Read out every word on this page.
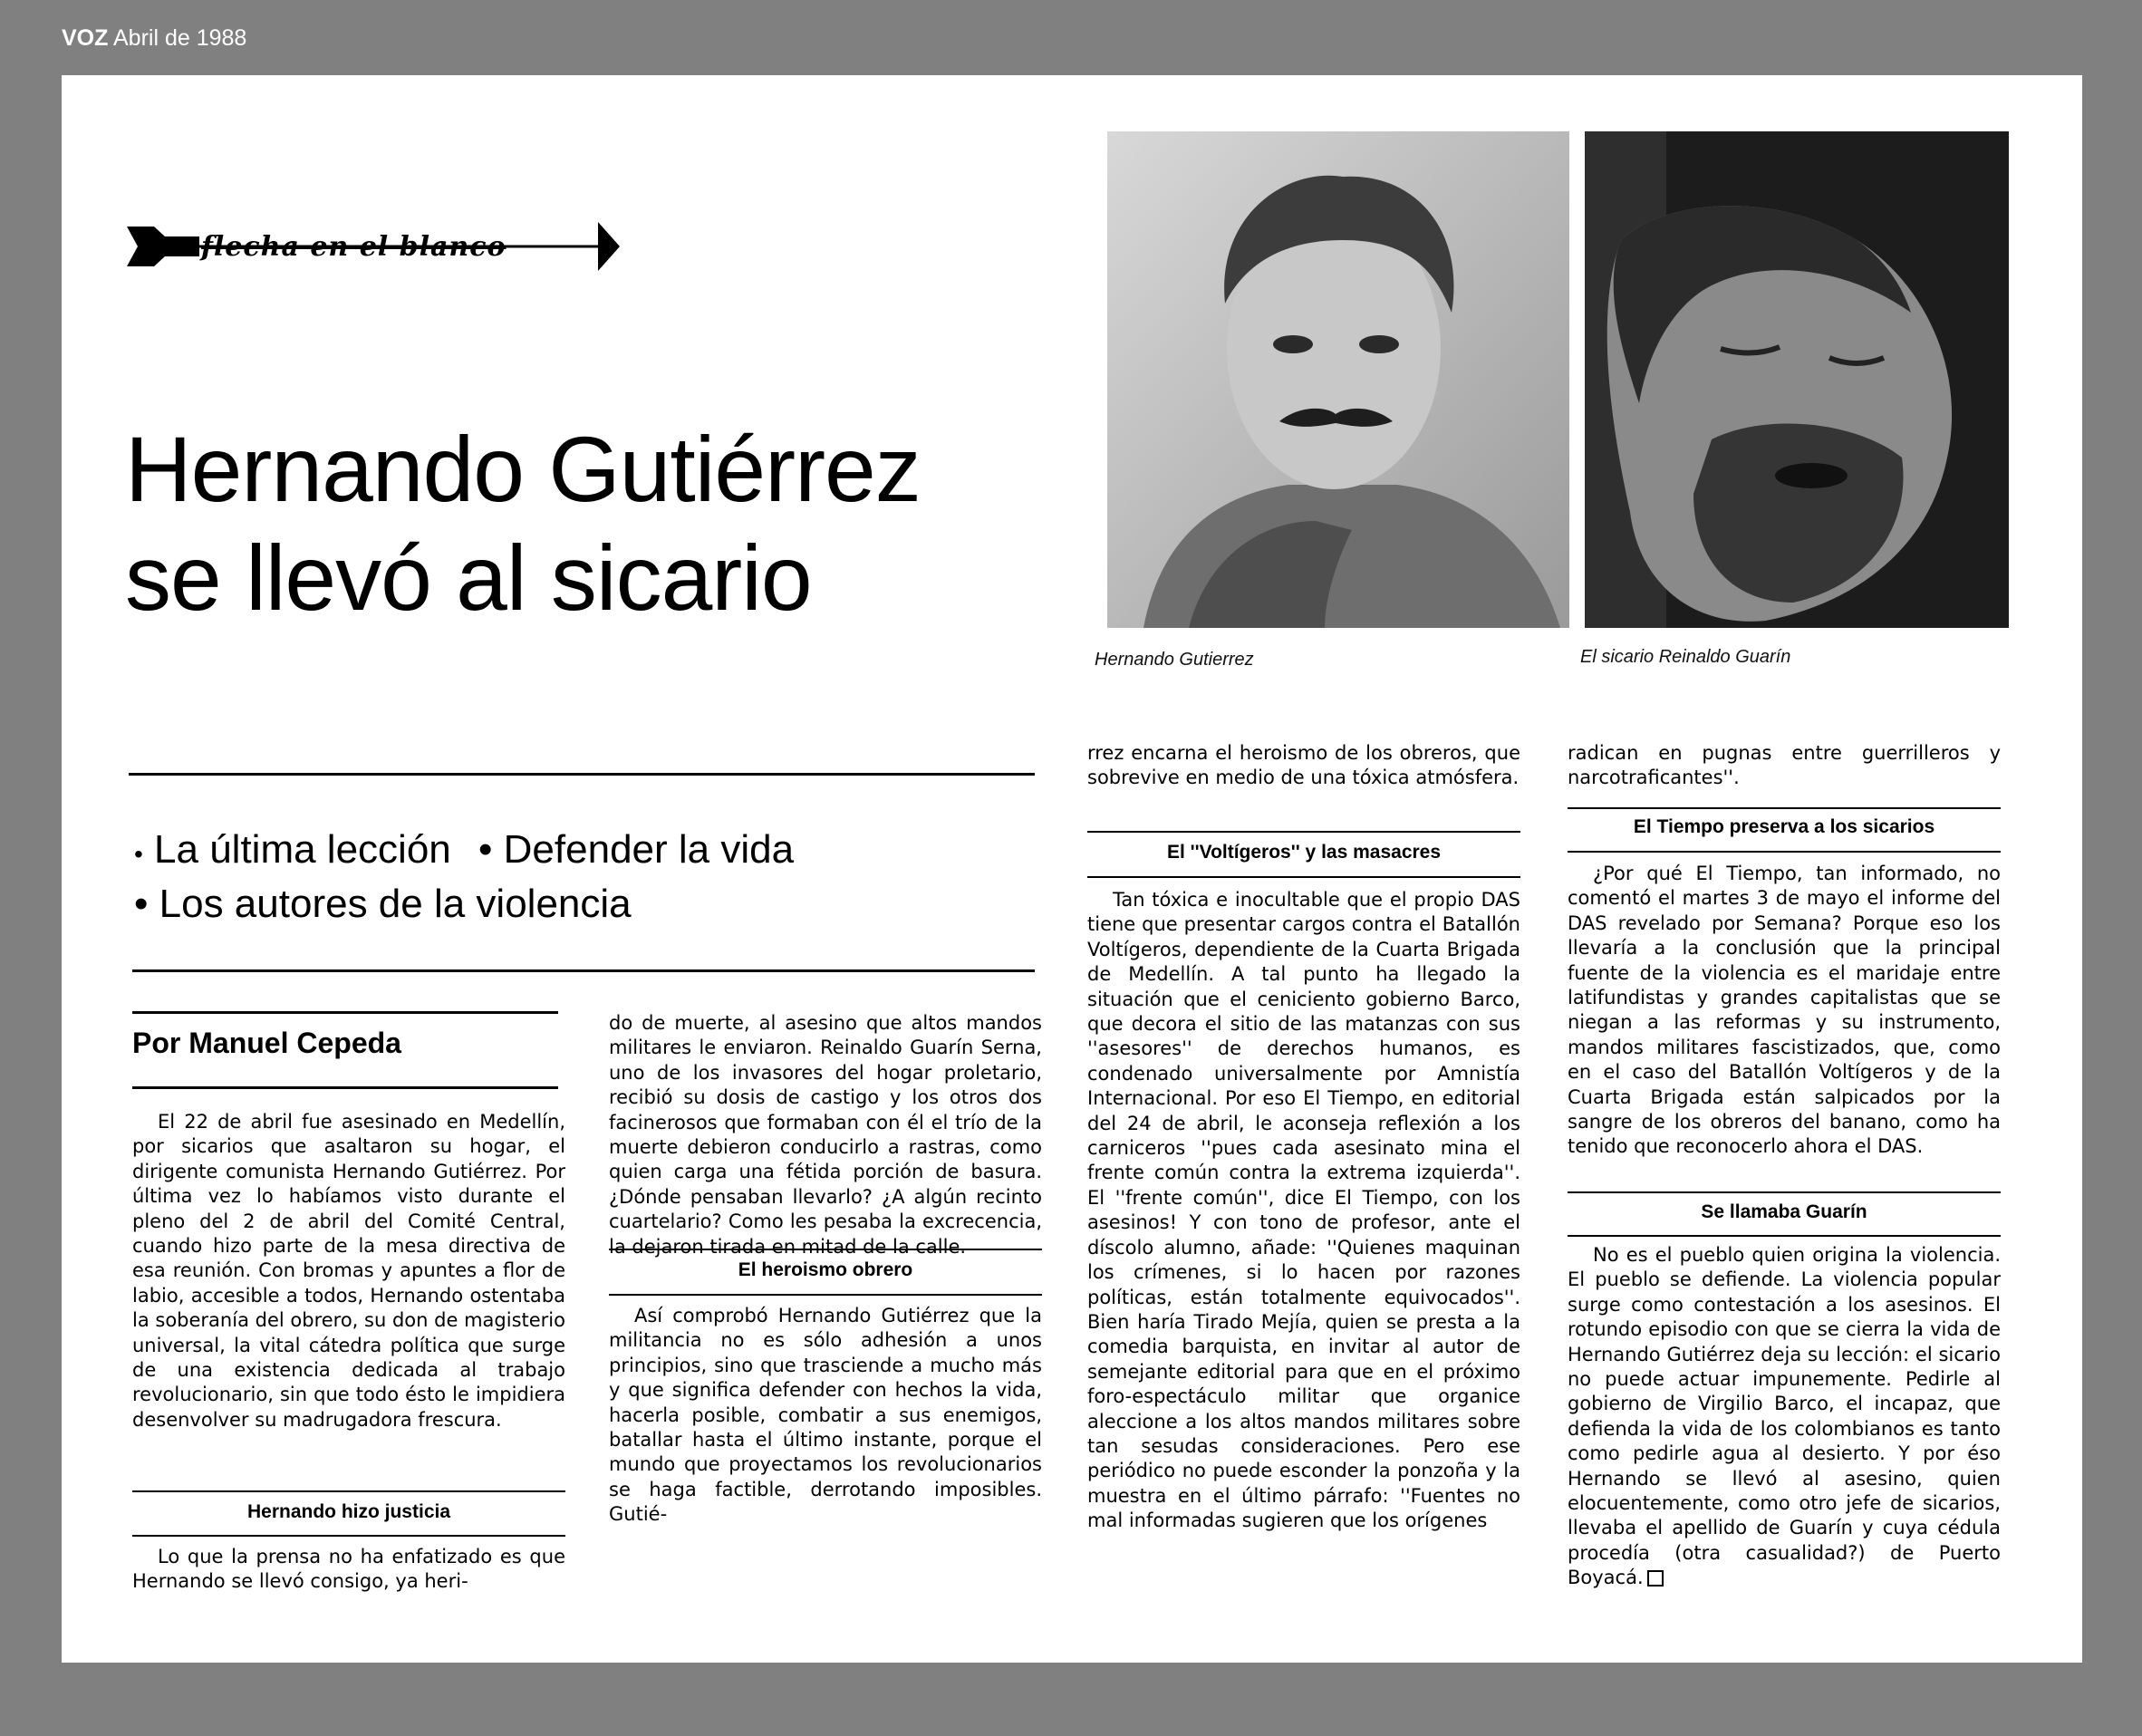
VOZ Abril de 1988
flecha en el blanco
Hernando Gutiérrez
se llevó al sicario
Hernando Gutierrez	El sicario Reinaldo Guarín
• La última lección • Defender la vida
• Los autores de la violencia
Por Manuel Cepeda

El 22 de abril fue asesinado en Medellín, por sicarios que asaltaron su hogar, el dirigente comunista Hernando Gutiérrez. Por última vez lo habíamos visto durante el pleno del 2 de abril del Comité Central, cuando hizo parte de la mesa directiva de esa reunión. Con bromas y apuntes a flor de labio, accesible a todos, Hernando ostentaba la soberanía del obrero, su don de magisterio universal, la vital cátedra política que surge de una existencia dedicada al trabajo revolucionario, sin que todo ésto le impidiera desenvolver su madrugadora frescura.

Hernando hizo justicia

Lo que la prensa no ha enfatizado es que Hernando se llevó consigo, ya heri-

do de muerte, al asesino que altos mandos militares le enviaron. Reinaldo Guarín Serna, uno de los invasores del hogar proletario, recibió su dosis de castigo y los otros dos facinerosos que formaban con él el trío de la muerte debieron conducirlo a rastras, como quien carga una fétida porción de basura. ¿Dónde pensaban llevarlo? ¿A algún recinto cuartelario? Como les pesaba la excrecencia, la dejaron tirada en mitad de la calle.

El heroismo obrero

Así comprobó Hernando Gutiérrez que la militancia no es sólo adhesión a unos principios, sino que trasciende a mucho más y que significa defender con hechos la vida, hacerla posible, combatir a sus enemigos, batallar hasta el último instante, porque el mundo que proyectamos los revolucionarios se haga factible, derrotando imposibles. Gutié-

rrez encarna el heroismo de los obreros, que sobrevive en medio de una tóxica atmósfera.

El ''Voltígeros'' y las masacres

Tan tóxica e inocultable que el propio DAS tiene que presentar cargos contra el Batallón Voltígeros, dependiente de la Cuarta Brigada de Medellín. A tal punto ha llegado la situación que el ceniciento gobierno Barco, que decora el sitio de las matanzas con sus ''asesores'' de derechos humanos, es condenado universalmente por Amnistía Internacional. Por eso El Tiempo, en editorial del 24 de abril, le aconseja reflexión a los carniceros ''pues cada asesinato mina el frente común contra la extrema izquierda''. El ''frente común'', dice El Tiempo, con los asesinos! Y con tono de profesor, ante el díscolo alumno, añade: ''Quienes maquinan los crímenes, si lo hacen por razones políticas, están totalmente equivocados''. Bien haría Tirado Mejía, quien se presta a la comedia barquista, en invitar al autor de semejante editorial para que en el próximo foro-espectáculo militar que organice aleccione a los altos mandos militares sobre tan sesudas consideraciones. Pero ese periódico no puede esconder la ponzoña y la muestra en el último párrafo: ''Fuentes no mal informadas sugieren que los orígenes

radican en pugnas entre guerrilleros y narcotraficantes''.

El Tiempo preserva a los sicarios

¿Por qué El Tiempo, tan informado, no comentó el martes 3 de mayo el informe del DAS revelado por Semana? Porque eso los llevaría a la conclusión que la principal fuente de la violencia es el maridaje entre latifundistas y grandes capitalistas que se niegan a las reformas y su instrumento, mandos militares fascistizados, que, como en el caso del Batallón Voltígeros y de la Cuarta Brigada están salpicados por la sangre de los obreros del banano, como ha tenido que reconocerlo ahora el DAS.

Se llamaba Guarín

No es el pueblo quien origina la violencia. El pueblo se defiende. La violencia popular surge como contestación a los asesinos. El rotundo episodio con que se cierra la vida de Hernando Gutiérrez deja su lección: el sicario no puede actuar impunemente. Pedirle al gobierno de Virgilio Barco, el incapaz, que defienda la vida de los colombianos es tanto como pedirle agua al desierto. Y por éso Hernando se llevó al asesino, quien elocuentemente, como otro jefe de sicarios, llevaba el apellido de Guarín y cuya cédula procedía (otra casualidad?) de Puerto Boyacá.
